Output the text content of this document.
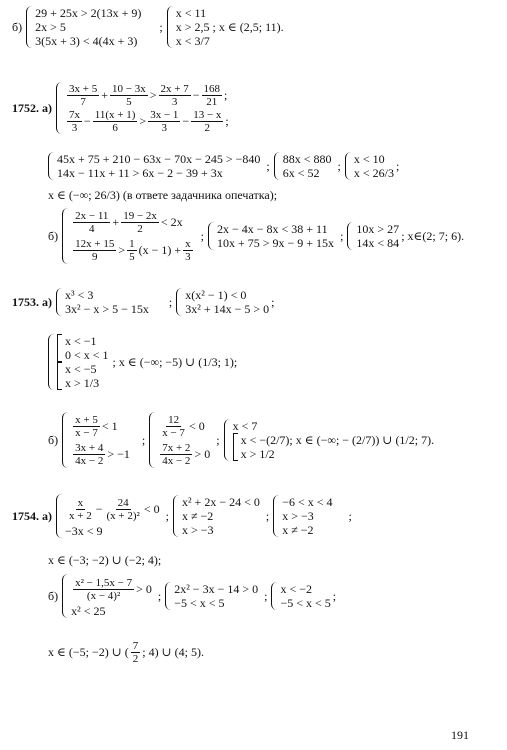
б)
29 + 25x > 2(13x + 9)
2x > 5
3(5x + 3) < 4(4x + 3)
;
x < 11
x > 2,5 ; x ∈ (2,5; 11).
x < 3/7
1752. $а) \frac{3x + 5}{7} + \frac{10 - 3x}{5} > \frac{2x + 7}{3} - \frac{168}{21}$ ;
$\frac{7x}{3} - \frac{11(x + 1)}{6} > \frac{3x - 1}{3} - \frac{13 - x}{2}$ ;
45x + 75 + 210 − 63x − 70x − 245 > −840
14x − 11x + 11 > 6x − 2 − 39 + 3x
; 88x < 880
6x < 52
; x < 10
x < 26/3
;
x ∈ (−∞; 26/3) (в ответе задачника опечатка);
б)
$\frac{2x - 11}{4} + \frac{19 - 2x}{2} < 2x$
$\frac{12x + 15}{9} > \frac{1}{5} (x - 1) + \frac{x}{3}$
; 2x − 4x − 8x < 38 + 11
10x + 75 > 9x − 9 + 15x
; 10x > 27
14x < 84
; x∈(2; 7; 6).
1753. а) x³ < 3
3x² − x > 5 − 15x
; x(x² − 1) < 0
3x² + 14x − 5 > 0
;
x < −1
0 < x < 1
x < −5
x > 1/3
; x ∈ (−∞; −5) ∪ (1/3; 1);
б)
$\frac{x + 5}{x - 7} < 1$
$\frac{3x + 4}{4x - 2} > -1$
;
$\frac{12}{x - 7} < 0$
$\frac{7x + 2}{4x - 2} > 0$
;
x < 7
x < −(2/7); x ∈ (−∞; − (2/7)) ∪ (1/2; 7).
x > 1/2
1754. $а) \frac{x}{x + 2} - \frac{24}{\text{(x + 2)²}} < 0$
−3x < 9
;
x² + 2x − 24 < 0
x ≠ −2
x > −3
;
−6 < x < 4
x > −3
x ≠ −2
;
x ∈ (−3; −2) ∪ (−2; 4);
$б) \frac{\text{x² − 1,5x − 7}}{\text{(x − 4)²}} > 0$
x² < 25
; 2x² − 3x − 14 > 0
−5 < x < 5
; x < −2
−5 < x < 5
;
x ∈ (−5; −2) ∪ ( $\frac{7}{2}$ ; 4) ∪ (4; 5).
191
